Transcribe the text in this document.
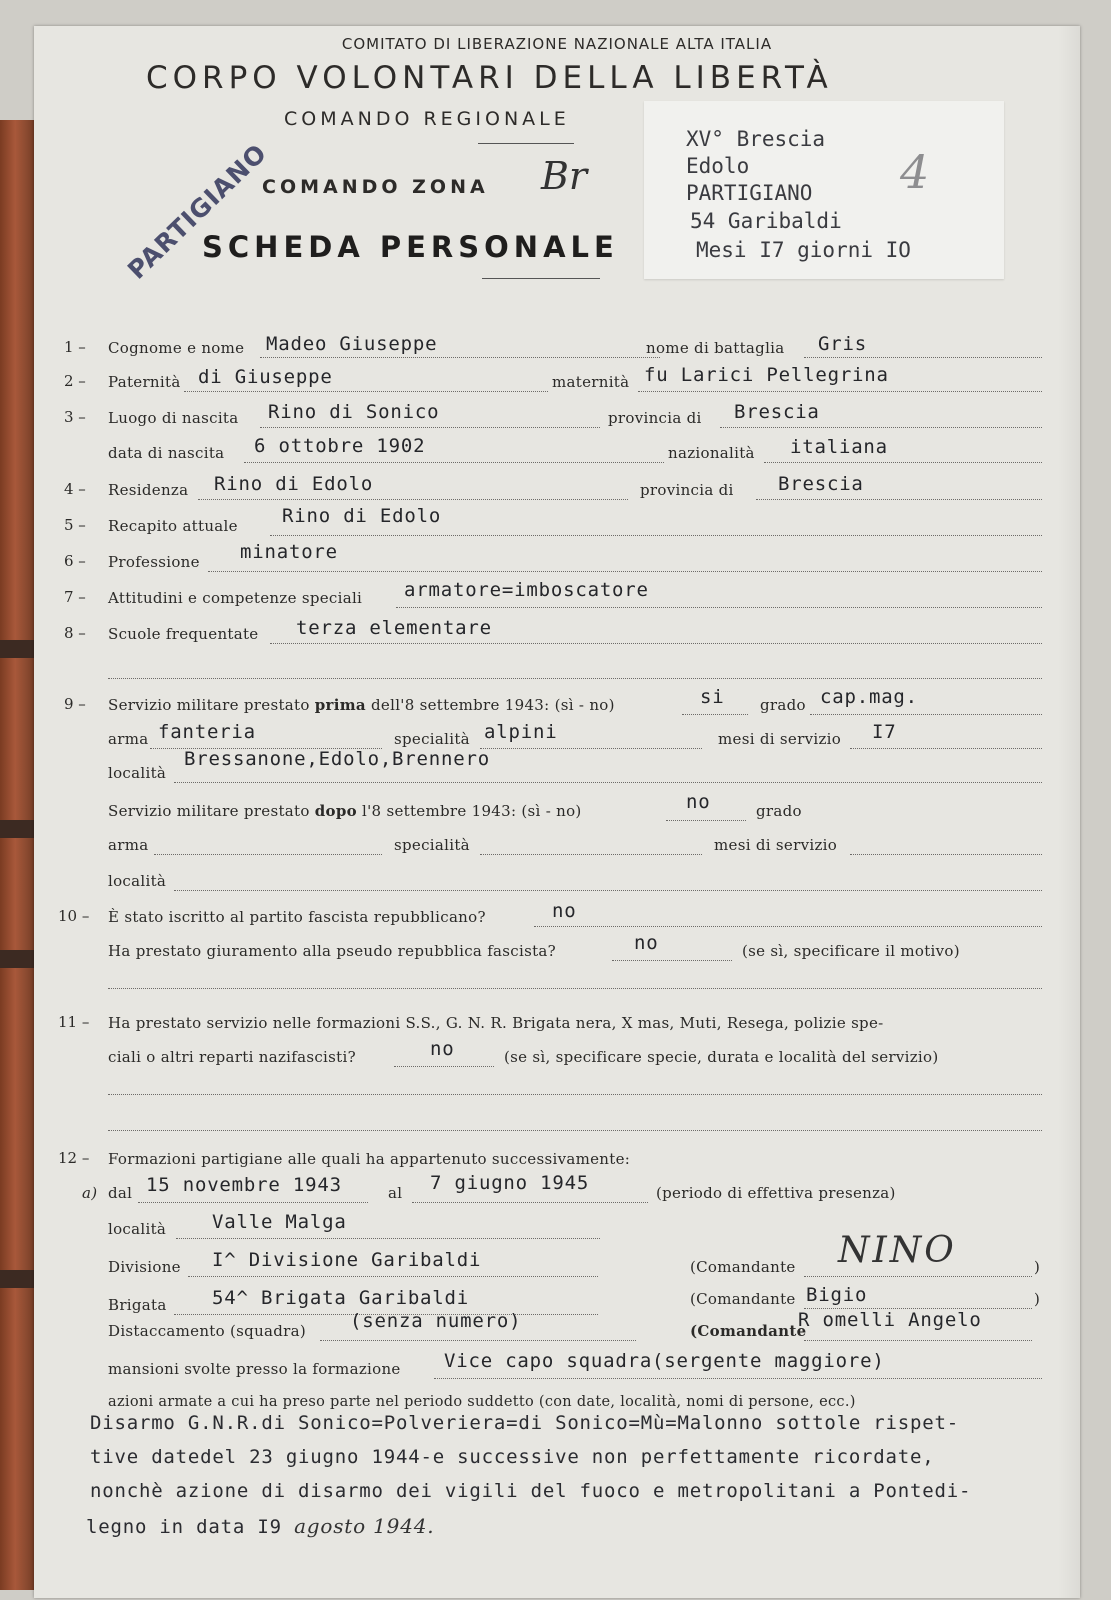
COMITATO DI LIBERAZIONE NAZIONALE ALTA ITALIA
CORPO VOLONTARI DELLA LIBERTÀ
COMANDO REGIONALE
COMANDO ZONA Br
SCHEDA PERSONALE
PARTIGIANO	XV° Brescia
Edolo
PARTIGIANO
54 Garibaldi
Mesi I7 giorni IO
4
1 – Cognome e nome Madeo Giuseppe	nome di battaglia Gris
2 – Paternità di Giuseppe	maternità fu Larici Pellegrina
3 – Luogo di nascita Rino di Sonico	provincia di Brescia
data di nascita 6 ottobre 1902	nazionalità italiana
4 – Residenza Rino di Edolo	provincia di Brescia
5 – Recapito attuale Rino di Edolo
6 – Professione minatore
7 – Attitudini e competenze speciali armatore=imboscatore
8 – Scuole frequentate terza elementare
9 – Servizio militare prestato prima dell'8 settembre 1943: (sì - no)	si grado cap.mag.
arma fanteria	specialità alpini	mesi di servizio I7
località
Bressanone,Edolo,Brennero
Servizio militare prestato dopo l'8 settembre 1943: (sì - no)	no	grado
arma	specialità	mesi di servizio
località
10 – È stato iscritto al partito fascista repubblicano?	no
Ha prestato giuramento alla pseudo repubblica fascista?	no	(se sì, specificare il motivo)
11 – Ha prestato servizio nelle formazioni S.S., G. N. R. Brigata nera, X mas, Muti, Resega, polizie spe-
ciali o altri reparti nazifascisti?	no	(se sì, specificare specie, durata e località del servizio)
12 – Formazioni partigiane alle quali ha appartenuto successivamente:
a) dal 15 novembre 1943	al 7 giugno 1945	(periodo di effettiva presenza)
località Valle Malga
Divisione I^ Divisione Garibaldi	(Comandante NINO	)
Brigata 54^ Brigata Garibaldi	(Comandante Bigio	)
Distaccamento (squadra) (senza numero)	(Comandante
R omelli Angelo
mansioni svolte presso la formazione Vice capo squadra(sergente maggiore)
azioni armate a cui ha preso parte nel periodo suddetto (con date, località, nomi di persone, ecc.)
Disarmo G.N.R.di Sonico=Polveriera=di Sonico=Mù=Malonno sottole rispet-
tive datedel 23 giugno 1944-e successive non perfettamente ricordate,
nonchè azione di disarmo dei vigili del fuoco e metropolitani a Pontedi-
legno in data I9 agosto 1944.
